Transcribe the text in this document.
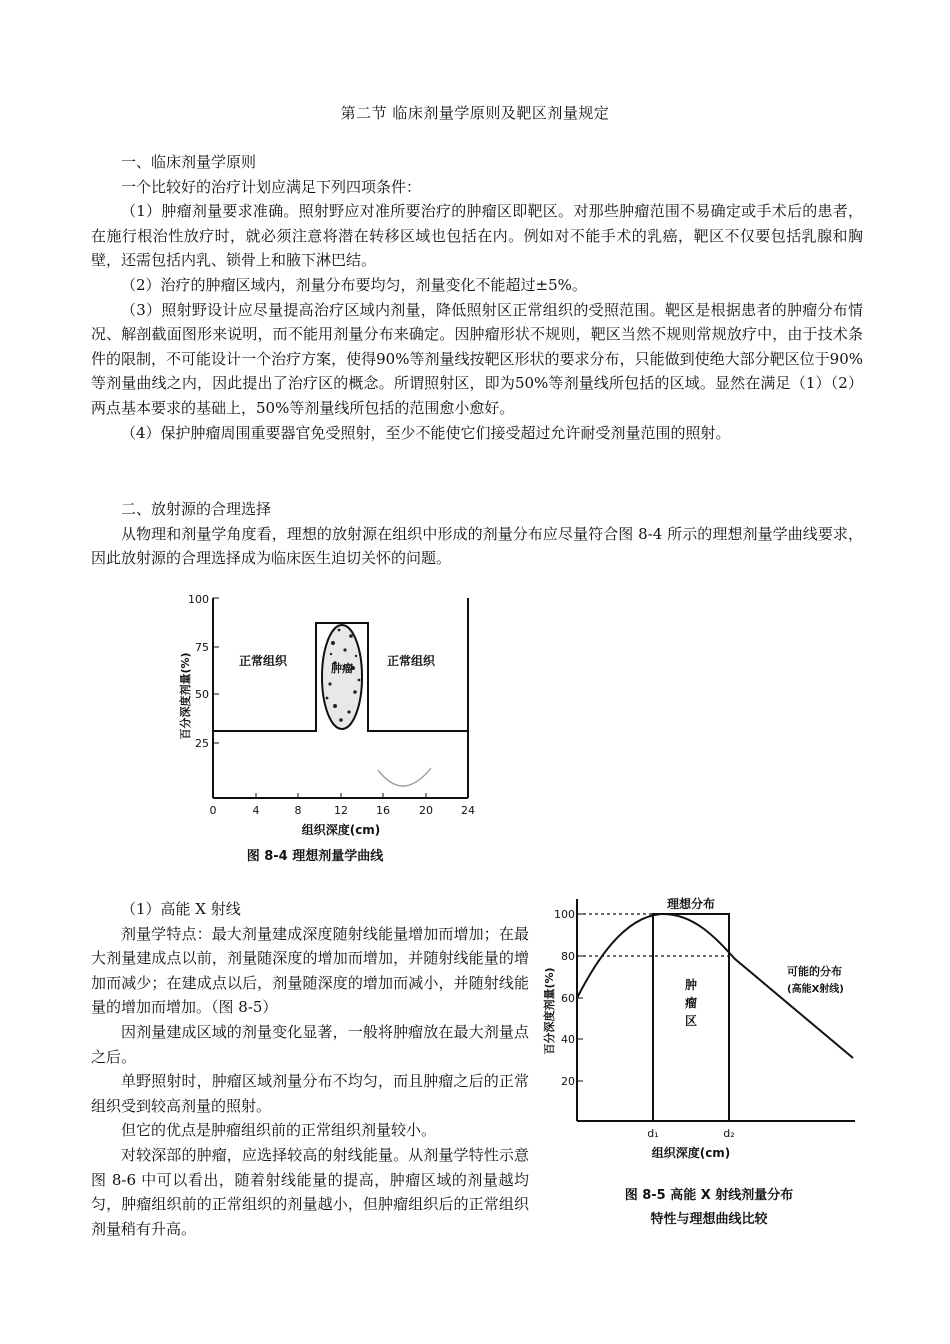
第二节 临床剂量学原则及靶区剂量规定

一、临床剂量学原则

一个比较好的治疗计划应满足下列四项条件：

（1）肿瘤剂量要求准确。照射野应对准所要治疗的肿瘤区即靶区。对那些肿瘤范围不易确定或手术后的患者，在施行根治性放疗时，就必须注意将潜在转移区域也包括在内。例如对不能手术的乳癌，靶区不仅要包括乳腺和胸壁，还需包括内乳、锁骨上和腋下淋巴结。

（2）治疗的肿瘤区域内，剂量分布要均匀，剂量变化不能超过±5%。

（3）照射野设计应尽量提高治疗区域内剂量，降低照射区正常组织的受照范围。靶区是根据患者的肿瘤分布情况、解剖截面图形来说明，而不能用剂量分布来确定。因肿瘤形状不规则，靶区当然不规则常规放疗中，由于技术条件的限制，不可能设计一个治疗方案，使得90%等剂量线按靶区形状的要求分布，只能做到使绝大部分靶区位于90%等剂量曲线之内，因此提出了治疗区的概念。所谓照射区，即为50%等剂量线所包括的区域。显然在满足（1）（2）两点基本要求的基础上，50%等剂量线所包括的范围愈小愈好。

（4）保护肿瘤周围重要器官免受照射，至少不能使它们接受超过允许耐受剂量范围的照射。

二、放射源的合理选择

从物理和剂量学角度看，理想的放射源在组织中形成的剂量分布应尽量符合图 8-4 所示的理想剂量学曲线要求，因此放射源的合理选择成为临床医生迫切关怀的问题。

100
75
50
25
0	4	8	12	16	20	24
肿瘤
正常组织	正常组织
百分深度剂量(%)
组织深度(cm)
图 8-4 理想剂量学曲线

（1）高能 X 射线

剂量学特点：最大剂量建成深度随射线能量增加而增加；在最大剂量建成点以前，剂量随深度的增加而增加，并随射线能量的增加而减少；在建成点以后，剂量随深度的增加而减小，并随射线能量的增加而增加。（图 8-5）

因剂量建成区域的剂量变化显著，一般将肿瘤放在最大剂量点之后。

单野照射时，肿瘤区域剂量分布不均匀，而且肿瘤之后的正常组织受到较高剂量的照射。

但它的优点是肿瘤组织前的正常组织剂量较小。

对较深部的肿瘤，应选择较高的射线能量。从剂量学特性示意图 8-6 中可以看出，随着射线能量的提高，肿瘤区域的剂量越均匀，肿瘤组织前的正常组织的剂量越小，但肿瘤组织后的正常组织剂量稍有升高。

100
80
60
40
20
理想分布
可能的分布
(高能X射线)
肿
瘤
区
d₁	d₂
百分深度剂量(%)
组织深度(cm)
图 8-5 高能 X 射线剂量分布
特性与理想曲线比较
